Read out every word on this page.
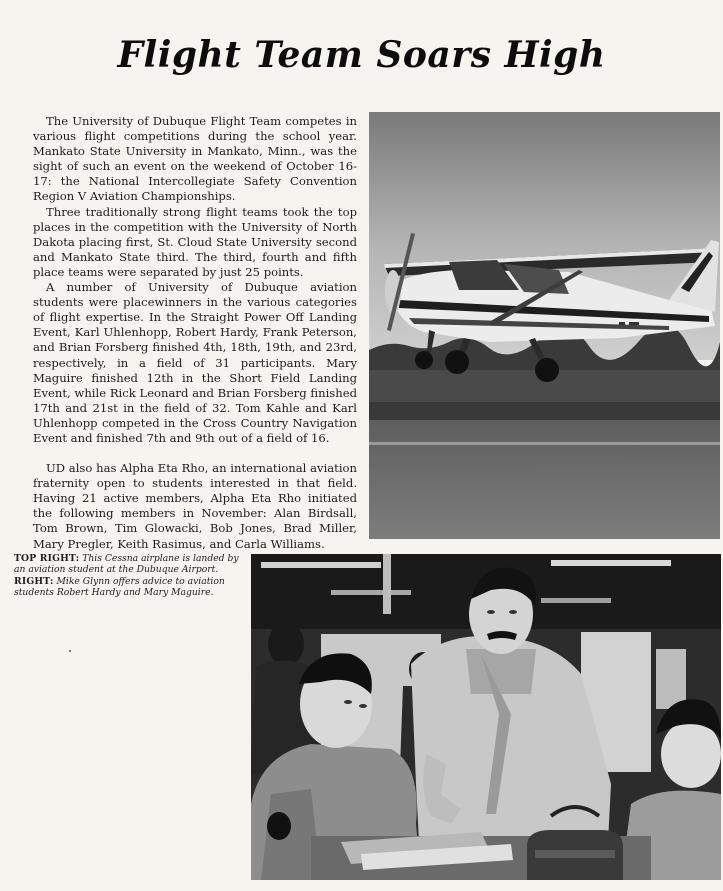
Flight Team Soars High

The University of Dubuque Flight Team competes in various flight competitions during the school year. Mankato State University in Mankato, Minn., was the sight of such an event on the weekend of October 16-17: the National Intercollegiate Safety Convention Region V Aviation Championships.

Three traditionally strong flight teams took the top places in the competition with the University of North Dakota placing first, St. Cloud State University second and Mankato State third. The third, fourth and fifth place teams were separated by just 25 points.

A number of University of Dubuque aviation students were placewinners in the various categories of flight expertise. In the Straight Power Off Landing Event, Karl Uhlenhopp, Robert Hardy, Frank Peterson, and Brian Forsberg finished 4th, 18th, 19th, and 23rd, respectively, in a field of 31 participants. Mary Maguire finished 12th in the Short Field Landing Event, while Rick Leonard and Brian Forsberg finished 17th and 21st in the field of 32. Tom Kahle and Karl Uhlenhopp competed in the Cross Country Navigation Event and finished 7th and 9th out of a field of 16.

UD also has Alpha Eta Rho, an international aviation fraternity open to students interested in that field. Having 21 active members, Alpha Eta Rho initiated the following members in November: Alan Birdsall, Tom Brown, Tim Glowacki, Bob Jones, Brad Miller, Mary Pregler, Keith Rasimus, and Carla Williams.

TOP RIGHT: This Cessna airplane is landed by an aviation student at the Dubuque Airport.

RIGHT: Mike Glynn offers advice to aviation students Robert Hardy and Mary Maguire.
